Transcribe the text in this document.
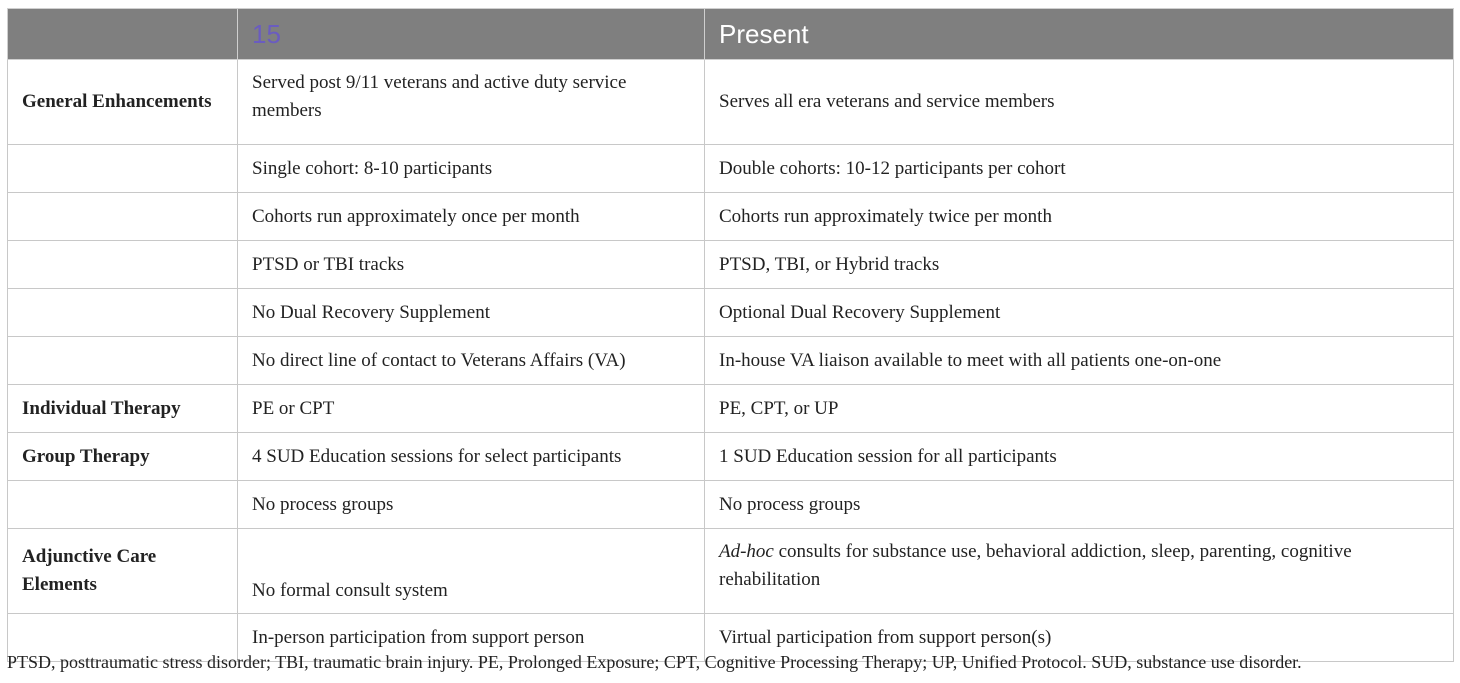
	15	Present
General Enhancements	Served post 9/11 veterans and active duty service members	Serves all era veterans and service members
	Single cohort: 8-10 participants	Double cohorts: 10-12 participants per cohort
	Cohorts run approximately once per month	Cohorts run approximately twice per month
	PTSD or TBI tracks	PTSD, TBI, or Hybrid tracks
	No Dual Recovery Supplement	Optional Dual Recovery Supplement
	No direct line of contact to Veterans Affairs (VA)	In-house VA liaison available to meet with all patients one-on-one
Individual Therapy	PE or CPT	PE, CPT, or UP
Group Therapy	4 SUD Education sessions for select participants	1 SUD Education session for all participants
	No process groups	No process groups
Adjunctive Care Elements	No formal consult system	Ad-hoc consults for substance use, behavioral addiction, sleep, parenting, cognitive rehabilitation
	In-person participation from support person	Virtual participation from support person(s)
PTSD, posttraumatic stress disorder; TBI, traumatic brain injury. PE, Prolonged Exposure; CPT, Cognitive Processing Therapy; UP, Unified Protocol. SUD, substance use disorder.
